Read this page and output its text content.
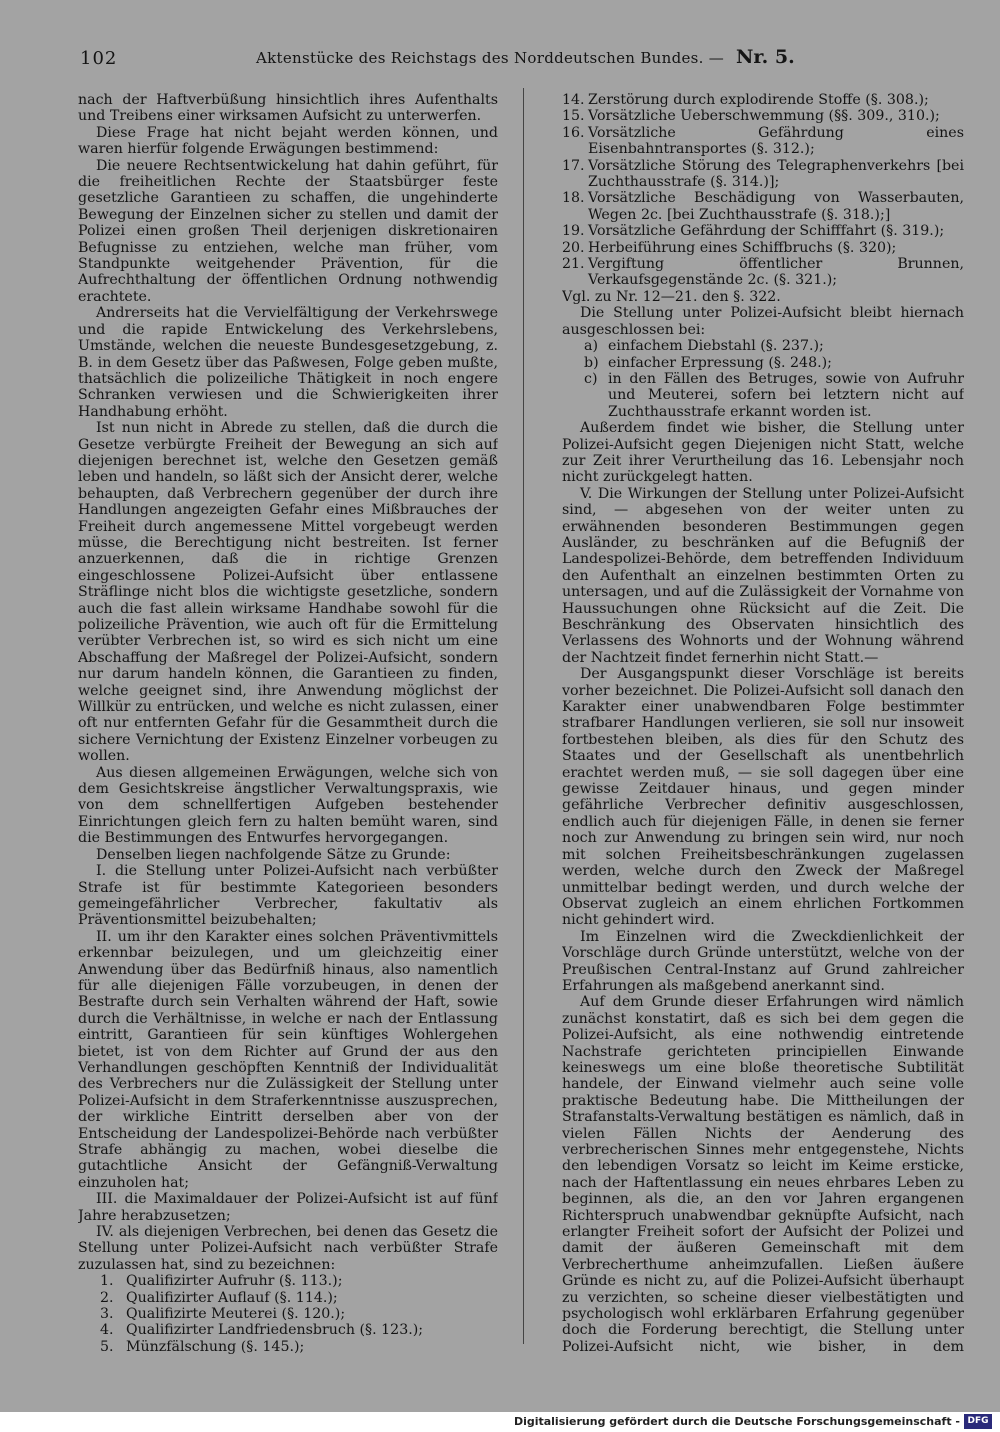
102	Aktenstücke des Reichstags des Norddeutschen Bundes. — Nr. 5.

nach der Haftverbüßung hinsichtlich ihres Aufenthalts und Treibens einer wirksamen Aufsicht zu unterwerfen.

Diese Frage hat nicht bejaht werden können, und waren hierfür folgende Erwägungen bestimmend:

Die neuere Rechtsentwickelung hat dahin geführt, für die freiheitlichen Rechte der Staatsbürger feste gesetzliche Garantieen zu schaffen, die ungehinderte Bewegung der Einzelnen sicher zu stellen und damit der Polizei einen großen Theil derjenigen diskretionairen Befugnisse zu entziehen, welche man früher, vom Standpunkte weitgehender Prävention, für die Aufrechthaltung der öffentlichen Ordnung nothwendig erachtete.

Andrerseits hat die Vervielfältigung der Verkehrswege und die rapide Entwickelung des Verkehrslebens, Umstände, welchen die neueste Bundesgesetzgebung, z. B. in dem Gesetz über das Paßwesen, Folge geben mußte, thatsächlich die polizeiliche Thätigkeit in noch engere Schranken verwiesen und die Schwierigkeiten ihrer Handhabung erhöht.

Ist nun nicht in Abrede zu stellen, daß die durch die Gesetze verbürgte Freiheit der Bewegung an sich auf diejenigen berechnet ist, welche den Gesetzen gemäß leben und handeln, so läßt sich der Ansicht derer, welche behaupten, daß Verbrechern gegenüber der durch ihre Handlungen angezeigten Gefahr eines Mißbrauches der Freiheit durch angemessene Mittel vorgebeugt werden müsse, die Berechtigung nicht bestreiten. Ist ferner anzuerkennen, daß die in richtige Grenzen eingeschlossene Polizei-Aufsicht über entlassene Sträflinge nicht blos die wichtigste gesetzliche, sondern auch die fast allein wirksame Handhabe sowohl für die polizeiliche Prävention, wie auch oft für die Ermittelung verübter Verbrechen ist, so wird es sich nicht um eine Abschaffung der Maßregel der Polizei-Aufsicht, sondern nur darum handeln können, die Garantieen zu finden, welche geeignet sind, ihre Anwendung möglichst der Willkür zu entrücken, und welche es nicht zulassen, einer oft nur entfernten Gefahr für die Gesammtheit durch die sichere Vernichtung der Existenz Einzelner vorbeugen zu wollen.

Aus diesen allgemeinen Erwägungen, welche sich von dem Gesichtskreise ängstlicher Verwaltungspraxis, wie von dem schnellfertigen Aufgeben bestehender Einrichtungen gleich fern zu halten bemüht waren, sind die Bestimmungen des Entwurfes hervorgegangen.

Denselben liegen nachfolgende Sätze zu Grunde:

I. die Stellung unter Polizei-Aufsicht nach verbüßter Strafe ist für bestimmte Kategorieen besonders gemeingefährlicher Verbrecher, fakultativ als Präventionsmittel beizubehalten;

II. um ihr den Karakter eines solchen Präventivmittels erkennbar beizulegen, und um gleichzeitig einer Anwendung über das Bedürfniß hinaus, also namentlich für alle diejenigen Fälle vorzubeugen, in denen der Bestrafte durch sein Verhalten während der Haft, sowie durch die Verhältnisse, in welche er nach der Entlassung eintritt, Garantieen für sein künftiges Wohlergehen bietet, ist von dem Richter auf Grund der aus den Verhandlungen geschöpften Kenntniß der Individualität des Verbrechers nur die Zulässigkeit der Stellung unter Polizei-Aufsicht in dem Straferkenntnisse auszusprechen, der wirkliche Eintritt derselben aber von der Entscheidung der Landespolizei-Behörde nach verbüßter Strafe abhängig zu machen, wobei dieselbe die gutachtliche Ansicht der Gefängniß-Verwaltung einzuholen hat;

III. die Maximaldauer der Polizei-Aufsicht ist auf fünf Jahre herabzusetzen;

IV. als diejenigen Verbrechen, bei denen das Gesetz die Stellung unter Polizei-Aufsicht nach verbüßter Strafe zuzulassen hat, sind zu bezeichnen:

1. Qualifizirter Aufruhr (§. 113.);
2. Qualifizirter Auflauf (§. 114.);
3. Qualifizirte Meuterei (§. 120.);
4. Qualifizirter Landfriedensbruch (§. 123.);
5. Münzfälschung (§. 145.);
14. Zerstörung durch explodirende Stoffe (§. 308.);
15. Vorsätzliche Ueberschwemmung (§§. 309., 310.);
16. Vorsätzliche Gefährdung eines Eisenbahntransportes (§. 312.);
17. Vorsätzliche Störung des Telegraphenverkehrs [bei Zuchthausstrafe (§. 314.)];
18. Vorsätzliche Beschädigung von Wasserbauten, Wegen 2c. [bei Zuchthausstrafe (§. 318.);]
19. Vorsätzliche Gefährdung der Schifffahrt (§. 319.);
20. Herbeiführung eines Schiffbruchs (§. 320);
21. Vergiftung öffentlicher Brunnen, Verkaufsgegenstände 2c. (§. 321.);

Vgl. zu Nr. 12—21. den §. 322.

Die Stellung unter Polizei-Aufsicht bleibt hiernach ausgeschlossen bei:

a) einfachem Diebstahl (§. 237.);
b) einfacher Erpressung (§. 248.);
c) in den Fällen des Betruges, sowie von Aufruhr und Meuterei, sofern bei letztern nicht auf Zuchthausstrafe erkannt worden ist.

Außerdem findet wie bisher, die Stellung unter Polizei-Aufsicht gegen Diejenigen nicht Statt, welche zur Zeit ihrer Verurtheilung das 16. Lebensjahr noch nicht zurückgelegt hatten.

V. Die Wirkungen der Stellung unter Polizei-Aufsicht sind, — abgesehen von der weiter unten zu erwähnenden besonderen Bestimmungen gegen Ausländer, zu beschränken auf die Befugniß der Landespolizei-Behörde, dem betreffenden Individuum den Aufenthalt an einzelnen bestimmten Orten zu untersagen, und auf die Zulässigkeit der Vornahme von Haussuchungen ohne Rücksicht auf die Zeit. Die Beschränkung des Observaten hinsichtlich des Verlassens des Wohnorts und der Wohnung während der Nachtzeit findet fernerhin nicht Statt.—

Der Ausgangspunkt dieser Vorschläge ist bereits vorher bezeichnet. Die Polizei-Aufsicht soll danach den Karakter einer unabwendbaren Folge bestimmter strafbarer Handlungen verlieren, sie soll nur insoweit fortbestehen bleiben, als dies für den Schutz des Staates und der Gesellschaft als unentbehrlich erachtet werden muß, — sie soll dagegen über eine gewisse Zeitdauer hinaus, und gegen minder gefährliche Verbrecher definitiv ausgeschlossen, endlich auch für diejenigen Fälle, in denen sie ferner noch zur Anwendung zu bringen sein wird, nur noch mit solchen Freiheitsbeschränkungen zugelassen werden, welche durch den Zweck der Maßregel unmittelbar bedingt werden, und durch welche der Observat zugleich an einem ehrlichen Fortkommen nicht gehindert wird.

Im Einzelnen wird die Zweckdienlichkeit der Vorschläge durch Gründe unterstützt, welche von der Preußischen Central-Instanz auf Grund zahlreicher Erfahrungen als maßgebend anerkannt sind.

Auf dem Grunde dieser Erfahrungen wird nämlich zunächst konstatirt, daß es sich bei dem gegen die Polizei-Aufsicht, als eine nothwendig eintretende Nachstrafe gerichteten principiellen Einwande keineswegs um eine bloße theoretische Subtilität handele, der Einwand vielmehr auch seine volle praktische Bedeutung habe. Die Mittheilungen der Strafanstalts-Verwaltung bestätigen es nämlich, daß in vielen Fällen Nichts der Aenderung des verbrecherischen Sinnes mehr entgegenstehe, Nichts den lebendigen Vorsatz so leicht im Keime ersticke, nach der Haftentlassung ein neues ehrbares Leben zu beginnen, als die, an den vor Jahren ergangenen Richterspruch unabwendbar geknüpfte Aufsicht, nach erlangter Freiheit sofort der Aufsicht der Polizei und damit der äußeren Gemeinschaft mit dem Verbrecherthume anheimzufallen. Ließen äußere Gründe es nicht zu, auf die Polizei-Aufsicht überhaupt zu verzichten, so scheine dieser vielbestätigten und psychologisch wohl erklärbaren Erfahrung gegenüber doch die Forderung berechtigt, die Stellung unter Polizei-Aufsicht nicht, wie bisher, in dem

Digitalisierung gefördert durch die Deutsche Forschungsgemeinschaft - DFG
